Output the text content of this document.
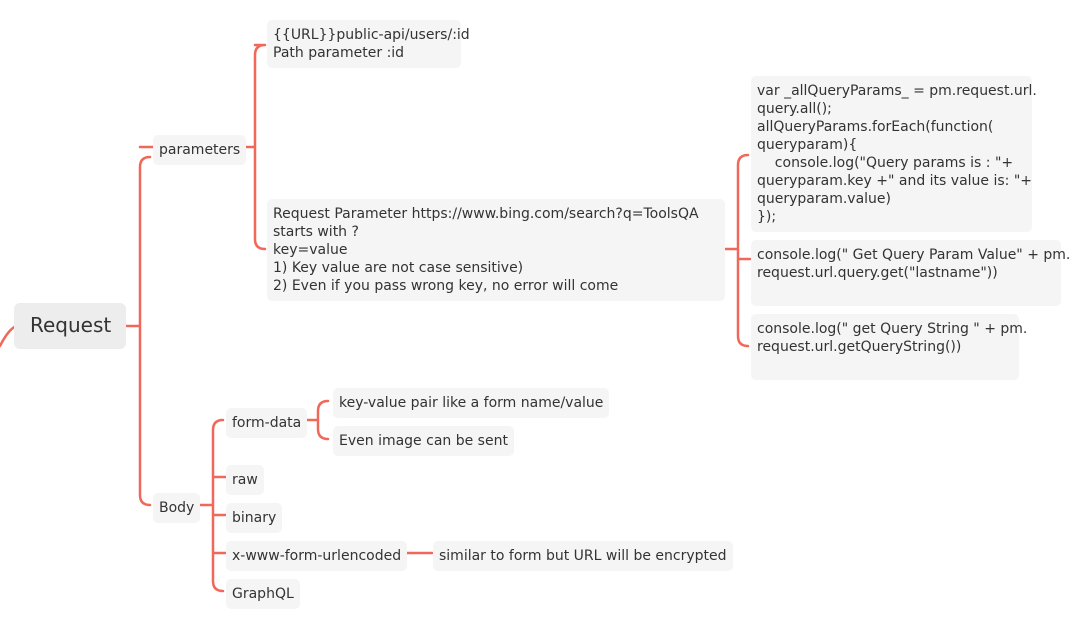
Request
parameters
{{URL}}public-api/users/:id
Path parameter :id
Request Parameter https://www.bing.com/search?q=ToolsQA
starts with ?
key=value
1) Key value are not case sensitive)
2) Even if you pass wrong key, no error will come
var _allQueryParams_ = pm.request.url.
query.all();
allQueryParams.forEach(function(
queryparam){
console.log("Query params is : "+
queryparam.key +" and its value is: "+
queryparam.value)
});
console.log(" Get Query Param Value" + pm.
request.url.query.get("lastname"))
console.log(" get Query String " + pm.
request.url.getQueryString())
Body
form-data
key-value pair like a form name/value
Even image can be sent
raw
binary
x-www-form-urlencoded	similar to form but URL will be encrypted
GraphQL
